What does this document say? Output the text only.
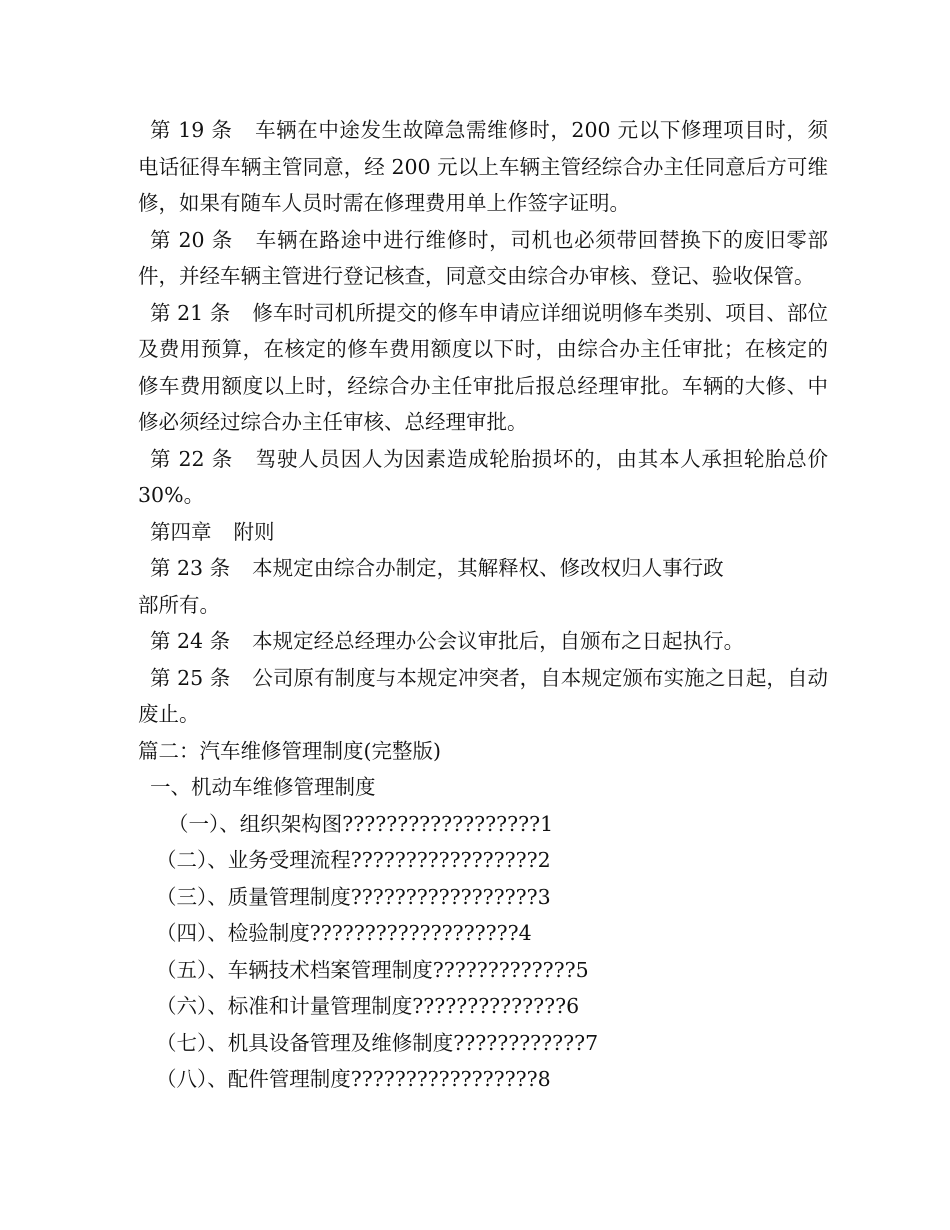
第 19 条 车辆在中途发生故障急需维修时，200 元以下修理项目时，须电话征得车辆主管同意，经 200 元以上车辆主管经综合办主任同意后方可维修，如果有随车人员时需在修理费用单上作签字证明。

第 20 条 车辆在路途中进行维修时，司机也必须带回替换下的废旧零部件，并经车辆主管进行登记核查，同意交由综合办审核、登记、验收保管。

第 21 条 修车时司机所提交的修车申请应详细说明修车类别、项目、部位及费用预算，在核定的修车费用额度以下时，由综合办主任审批；在核定的修车费用额度以上时，经综合办主任审批后报总经理审批。车辆的大修、中修必须经过综合办主任审核、总经理审批。

第 22 条 驾驶人员因人为因素造成轮胎损坏的，由其本人承担轮胎总价 30%。

第四章 附则

第 23 条 本规定由综合办制定，其解释权、修改权归人事行政
部所有。

第 24 条 本规定经总经理办公会议审批后，自颁布之日起执行。

第 25 条 公司原有制度与本规定冲突者，自本规定颁布实施之日起，自动废止。

篇二：汽车维修管理制度(完整版)

一、机动车维修管理制度

（一）、组织架构图??????????????????1

（二）、业务受理流程?????????????????2

（三）、质量管理制度?????????????????3

（四）、检验制度???????????????????4

（五）、车辆技术档案管理制度?????????????5

（六）、标准和计量管理制度??????????????6

（七）、机具设备管理及维修制度????????????7

（八）、配件管理制度?????????????????8
